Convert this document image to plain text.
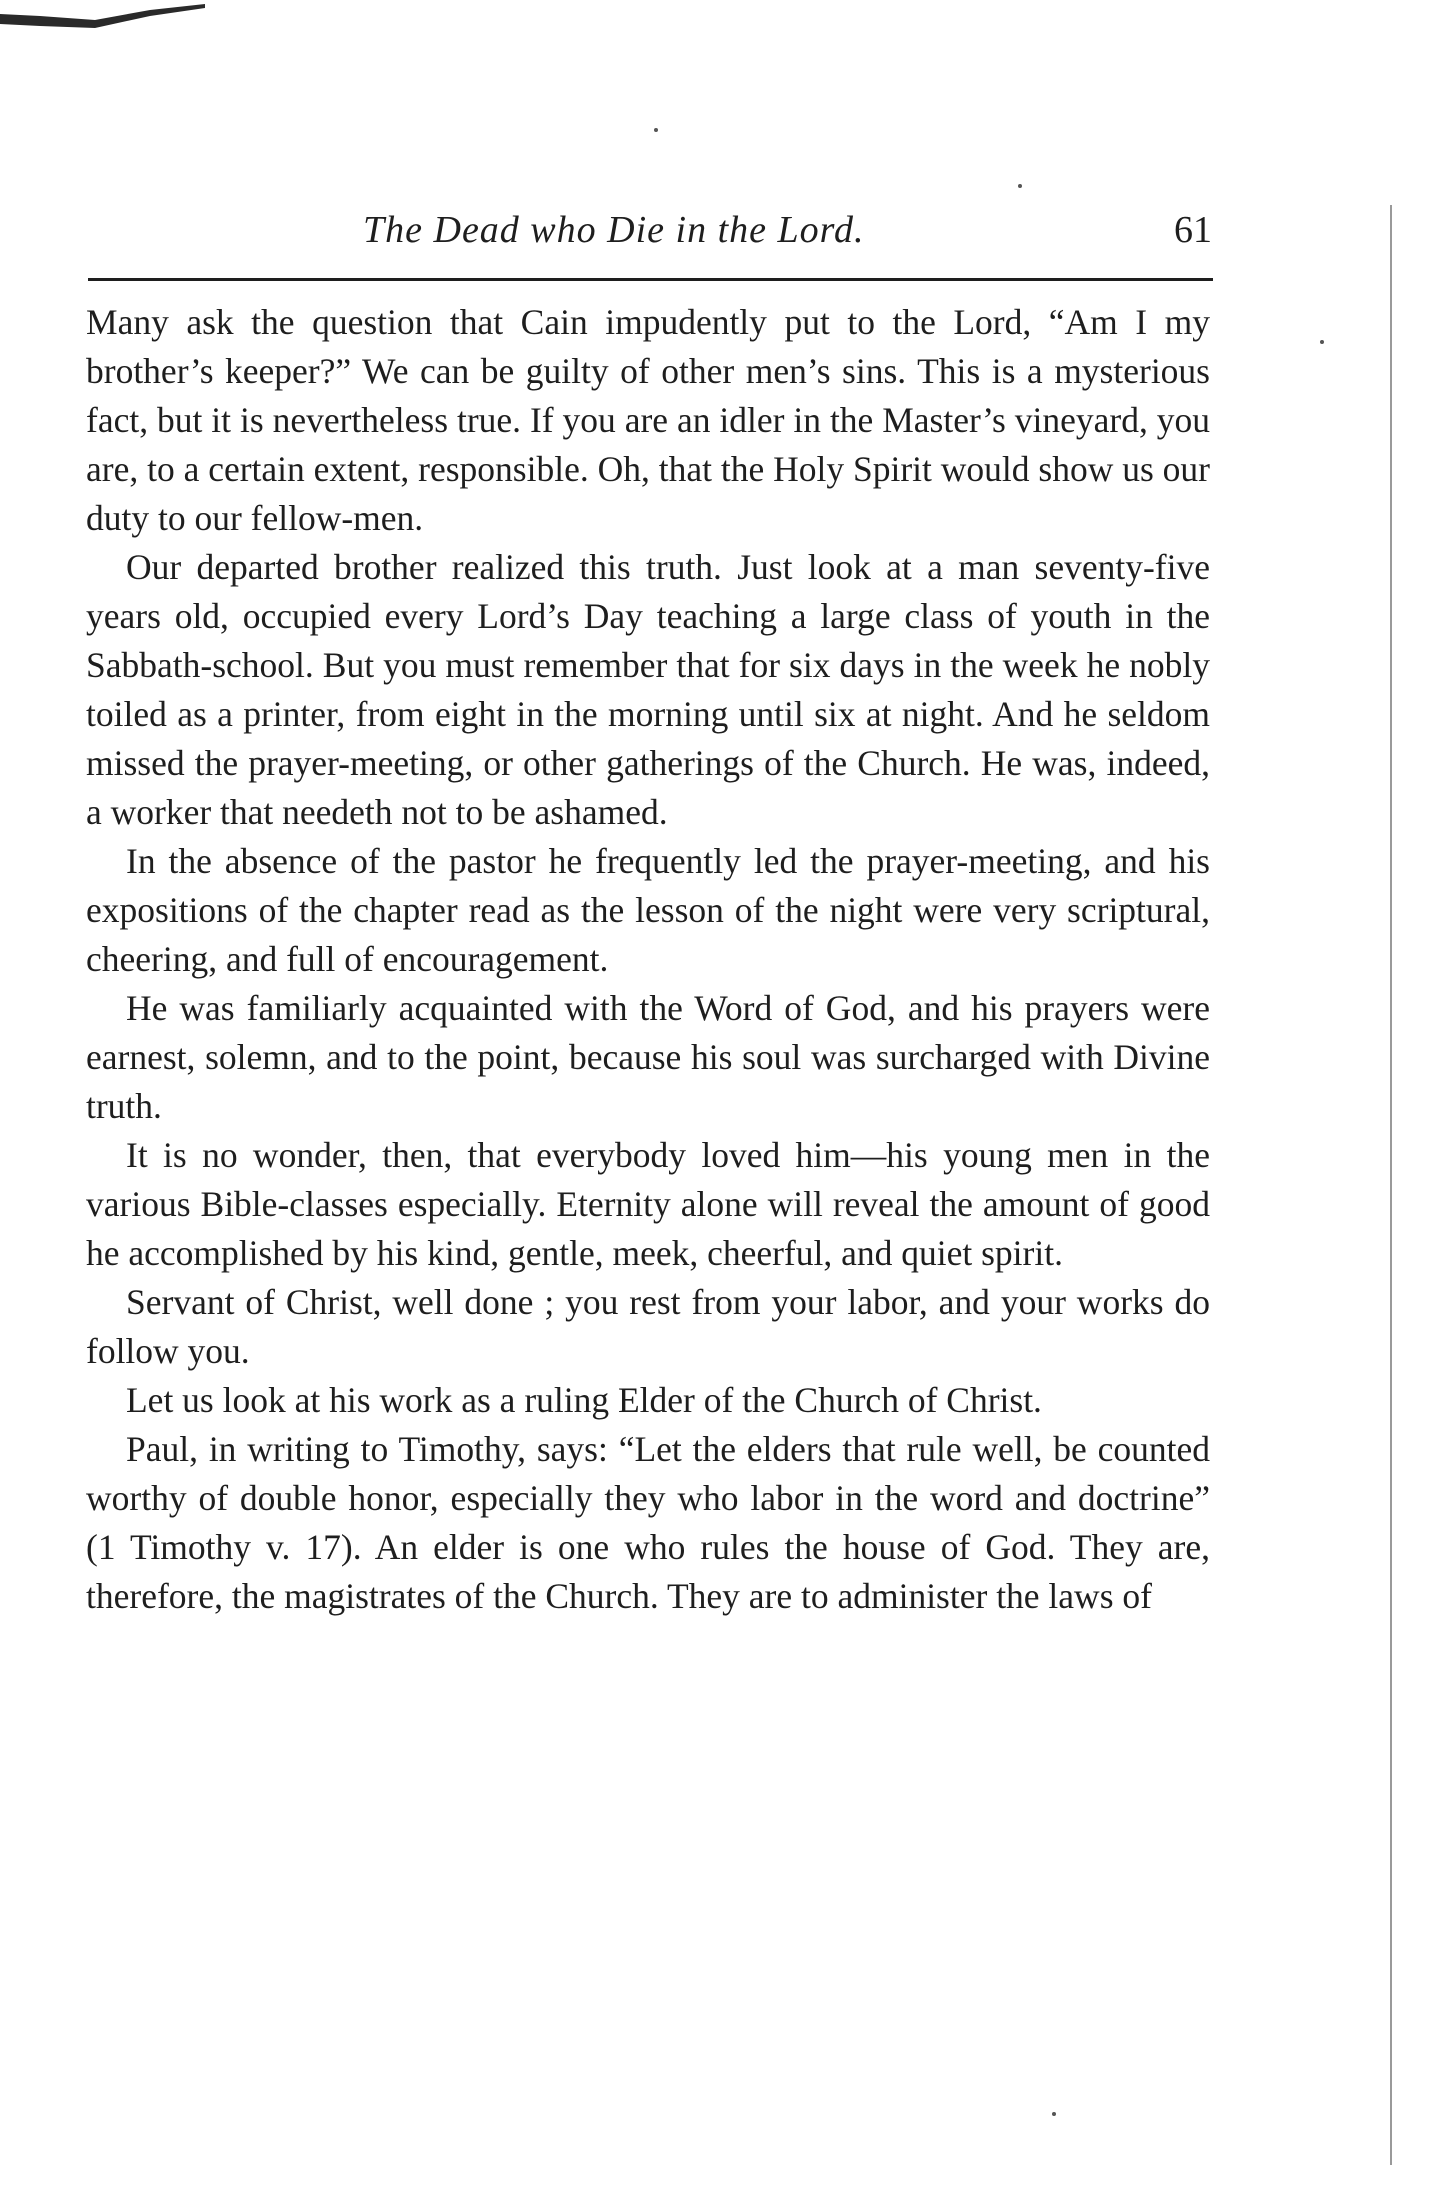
The Dead who Die in the Lord.	61

Many ask the question that Cain impudently put to the Lord, “Am I my brother’s keeper?” We can be guilty of other men’s sins. This is a mysterious fact, but it is nevertheless true. If you are an idler in the Master’s vineyard, you are, to a certain extent, responsible. Oh, that the Holy Spirit would show us our duty to our fellow-men.

Our departed brother realized this truth. Just look at a man seventy-five years old, occupied every Lord’s Day teaching a large class of youth in the Sabbath-school. But you must remember that for six days in the week he nobly toiled as a printer, from eight in the morning until six at night. And he seldom missed the prayer-meeting, or other gatherings of the Church. He was, indeed, a worker that needeth not to be ashamed.

In the absence of the pastor he frequently led the prayer-meeting, and his expositions of the chapter read as the lesson of the night were very scriptural, cheering, and full of encouragement.

He was familiarly acquainted with the Word of God, and his prayers were earnest, solemn, and to the point, because his soul was surcharged with Divine truth.

It is no wonder, then, that everybody loved him—his young men in the various Bible-classes especially. Eternity alone will reveal the amount of good he accomplished by his kind, gentle, meek, cheerful, and quiet spirit.

Servant of Christ, well done ; you rest from your labor, and your works do follow you.

Let us look at his work as a ruling Elder of the Church of Christ.

Paul, in writing to Timothy, says: “Let the elders that rule well, be counted worthy of double honor, especially they who labor in the word and doctrine” (1 Timothy v. 17). An elder is one who rules the house of God. They are, therefore, the magistrates of the Church. They are to administer the laws of
